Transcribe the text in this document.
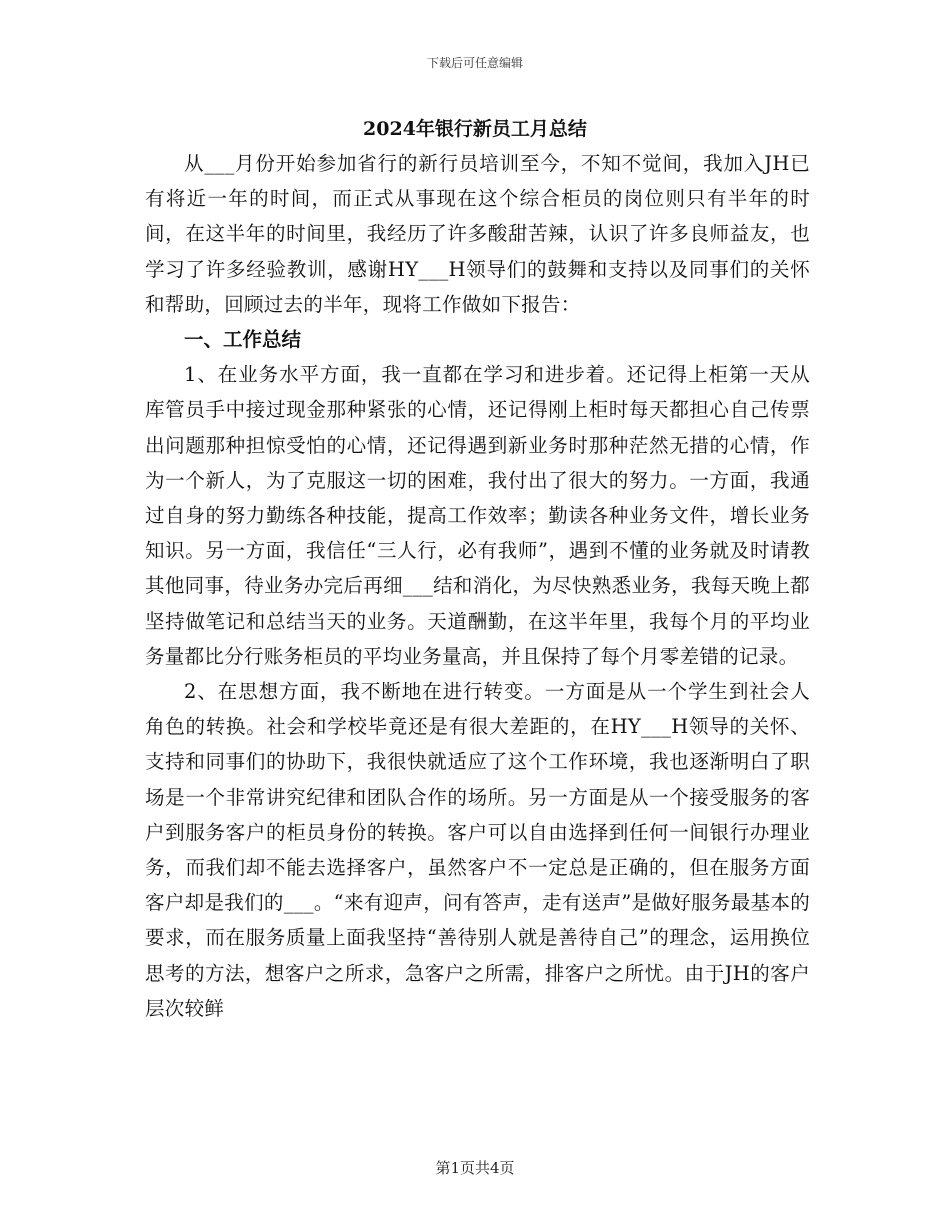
下载后可任意编辑
2024年银行新员工月总结

从___月份开始参加省行的新行员培训至今，不知不觉间，我加入JH已有将近一年的时间，而正式从事现在这个综合柜员的岗位则只有半年的时间，在这半年的时间里，我经历了许多酸甜苦辣，认识了许多良师益友，也学习了许多经验教训，感谢HY___H领导们的鼓舞和支持以及同事们的关怀和帮助，回顾过去的半年，现将工作做如下报告：

一、工作总结

1、在业务水平方面，我一直都在学习和进步着。还记得上柜第一天从库管员手中接过现金那种紧张的心情，还记得刚上柜时每天都担心自己传票出问题那种担惊受怕的心情，还记得遇到新业务时那种茫然无措的心情，作为一个新人，为了克服这一切的困难，我付出了很大的努力。一方面，我通过自身的努力勤练各种技能，提高工作效率；勤读各种业务文件，增长业务知识。另一方面，我信任“三人行，必有我师”，遇到不懂的业务就及时请教其他同事，待业务办完后再细___结和消化，为尽快熟悉业务，我每天晚上都坚持做笔记和总结当天的业务。天道酬勤，在这半年里，我每个月的平均业务量都比分行账务柜员的平均业务量高，并且保持了每个月零差错的记录。

2、在思想方面，我不断地在进行转变。一方面是从一个学生到社会人角色的转换。社会和学校毕竟还是有很大差距的，在HY___H领导的关怀、支持和同事们的协助下，我很快就适应了这个工作环境，我也逐渐明白了职场是一个非常讲究纪律和团队合作的场所。另一方面是从一个接受服务的客户到服务客户的柜员身份的转换。客户可以自由选择到任何一间银行办理业务，而我们却不能去选择客户，虽然客户不一定总是正确的，但在服务方面客户却是我们的___。“来有迎声，问有答声，走有送声”是做好服务最基本的要求，而在服务质量上面我坚持“善待别人就是善待自己”的理念，运用换位思考的方法，想客户之所求，急客户之所需，排客户之所忧。由于JH的客户层次较鲜

第1页共4页
